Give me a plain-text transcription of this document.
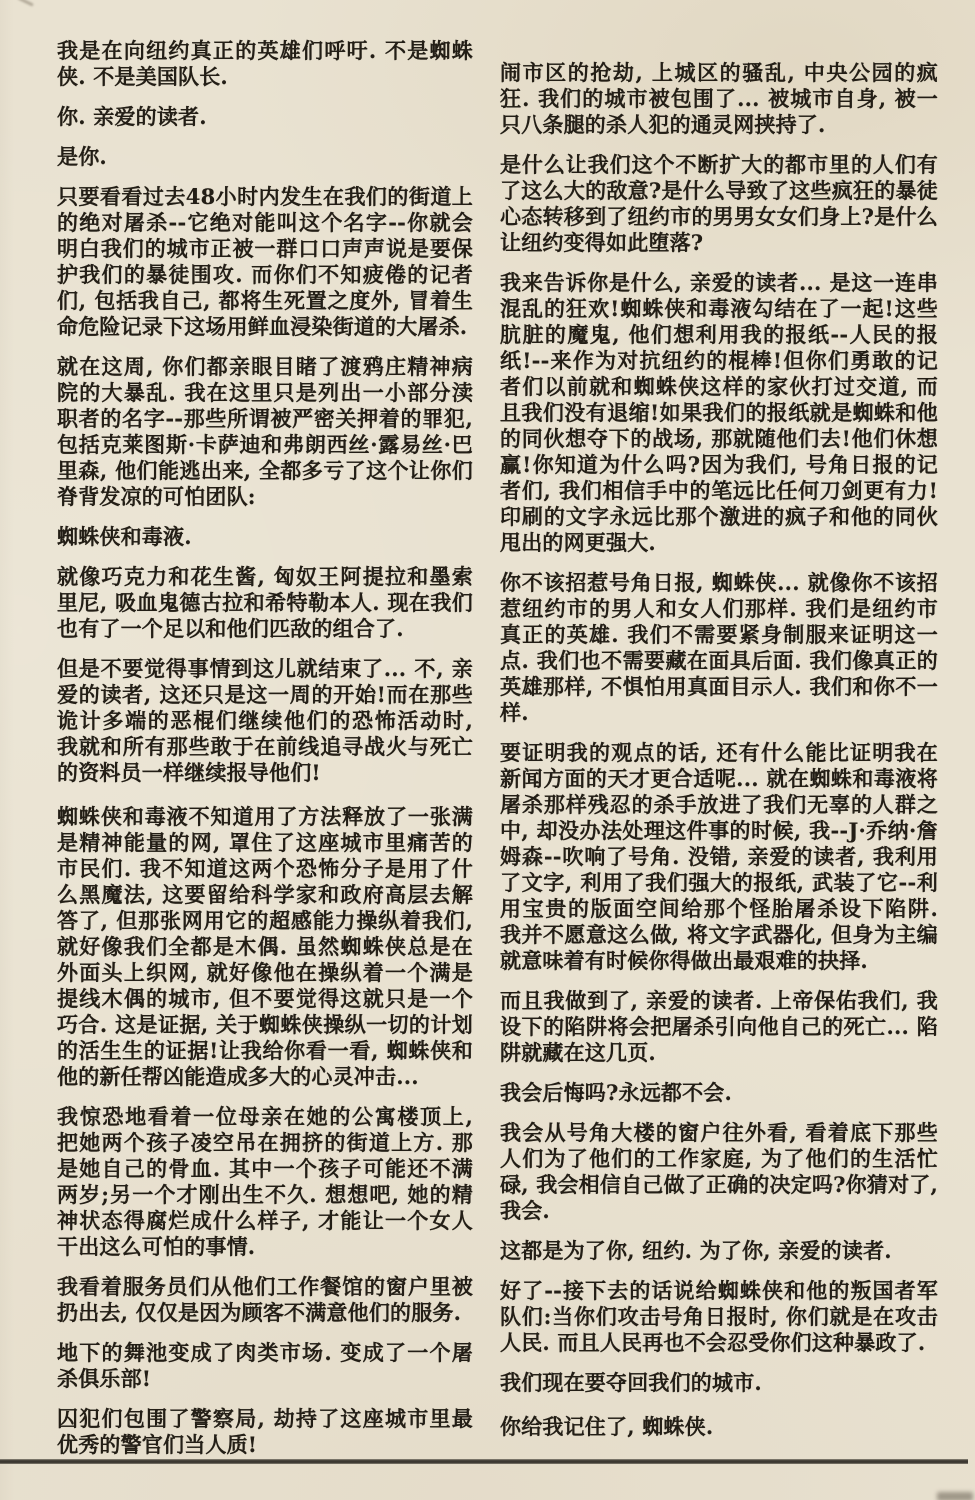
我是在向纽约真正的英雄们呼吁. 不是蜘蛛侠. 不是美国队长.

你. 亲爱的读者.

是你.

只要看看过去48小时内发生在我们的街道上的绝对屠杀--它绝对能叫这个名字--你就会明白我们的城市正被一群口口声声说是要保护我们的暴徒围攻. 而你们不知疲倦的记者们, 包括我自己, 都将生死置之度外, 冒着生命危险记录下这场用鲜血浸染街道的大屠杀.

就在这周, 你们都亲眼目睹了渡鸦庄精神病院的大暴乱. 我在这里只是列出一小部分渎职者的名字--那些所谓被严密关押着的罪犯, 包括克莱图斯·卡萨迪和弗朗西丝·露易丝·巴里森, 他们能逃出来, 全都多亏了这个让你们脊背发凉的可怕团队:

蜘蛛侠和毒液.

就像巧克力和花生酱, 匈奴王阿提拉和墨索里尼, 吸血鬼德古拉和希特勒本人. 现在我们也有了一个足以和他们匹敌的组合了.

但是不要觉得事情到这儿就结束了... 不, 亲爱的读者, 这还只是这一周的开始!而在那些诡计多端的恶棍们继续他们的恐怖活动时, 我就和所有那些敢于在前线追寻战火与死亡的资料员一样继续报导他们!

蜘蛛侠和毒液不知道用了方法释放了一张满是精神能量的网, 罩住了这座城市里痛苦的市民们. 我不知道这两个恐怖分子是用了什么黑魔法, 这要留给科学家和政府高层去解答了, 但那张网用它的超感能力操纵着我们, 就好像我们全都是木偶. 虽然蜘蛛侠总是在外面头上织网, 就好像他在操纵着一个满是提线木偶的城市, 但不要觉得这就只是一个巧合. 这是证据, 关于蜘蛛侠操纵一切的计划的活生生的证据!让我给你看一看, 蜘蛛侠和他的新任帮凶能造成多大的心灵冲击...

我惊恐地看着一位母亲在她的公寓楼顶上, 把她两个孩子凌空吊在拥挤的街道上方. 那是她自己的骨血. 其中一个孩子可能还不满两岁;另一个才刚出生不久. 想想吧, 她的精神状态得腐烂成什么样子, 才能让一个女人干出这么可怕的事情.

我看着服务员们从他们工作餐馆的窗户里被扔出去, 仅仅是因为顾客不满意他们的服务.

地下的舞池变成了肉类市场. 变成了一个屠杀俱乐部!

囚犯们包围了警察局, 劫持了这座城市里最优秀的警官们当人质!

闹市区的抢劫, 上城区的骚乱, 中央公园的疯狂. 我们的城市被包围了... 被城市自身, 被一只八条腿的杀人犯的通灵网挟持了.

是什么让我们这个不断扩大的都市里的人们有了这么大的敌意?是什么导致了这些疯狂的暴徒心态转移到了纽约市的男男女女们身上?是什么让纽约变得如此堕落?

我来告诉你是什么, 亲爱的读者... 是这一连串混乱的狂欢!蜘蛛侠和毒液勾结在了一起!这些肮脏的魔鬼, 他们想利用我的报纸--人民的报纸!--来作为对抗纽约的棍棒!但你们勇敢的记者们以前就和蜘蛛侠这样的家伙打过交道, 而且我们没有退缩!如果我们的报纸就是蜘蛛和他的同伙想夺下的战场, 那就随他们去!他们休想赢!你知道为什么吗?因为我们, 号角日报的记者们, 我们相信手中的笔远比任何刀剑更有力!印刷的文字永远比那个激进的疯子和他的同伙甩出的网更强大.

你不该招惹号角日报, 蜘蛛侠... 就像你不该招惹纽约市的男人和女人们那样. 我们是纽约市真正的英雄. 我们不需要紧身制服来证明这一点. 我们也不需要藏在面具后面. 我们像真正的英雄那样, 不惧怕用真面目示人. 我们和你不一样.

要证明我的观点的话, 还有什么能比证明我在新闻方面的天才更合适呢... 就在蜘蛛和毒液将屠杀那样残忍的杀手放进了我们无辜的人群之中, 却没办法处理这件事的时候, 我--J·乔纳·詹姆森--吹响了号角. 没错, 亲爱的读者, 我利用了文字, 利用了我们强大的报纸, 武装了它--利用宝贵的版面空间给那个怪胎屠杀设下陷阱. 我并不愿意这么做, 将文字武器化, 但身为主编就意味着有时候你得做出最艰难的抉择.

而且我做到了, 亲爱的读者. 上帝保佑我们, 我设下的陷阱将会把屠杀引向他自己的死亡... 陷阱就藏在这几页.

我会后悔吗?永远都不会.

我会从号角大楼的窗户往外看, 看着底下那些人们为了他们的工作家庭, 为了他们的生活忙碌, 我会相信自己做了正确的决定吗?你猜对了, 我会.

这都是为了你, 纽约. 为了你, 亲爱的读者.

好了--接下去的话说给蜘蛛侠和他的叛国者军队们:当你们攻击号角日报时, 你们就是在攻击人民. 而且人民再也不会忍受你们这种暴政了.

我们现在要夺回我们的城市.

你给我记住了, 蜘蛛侠.
